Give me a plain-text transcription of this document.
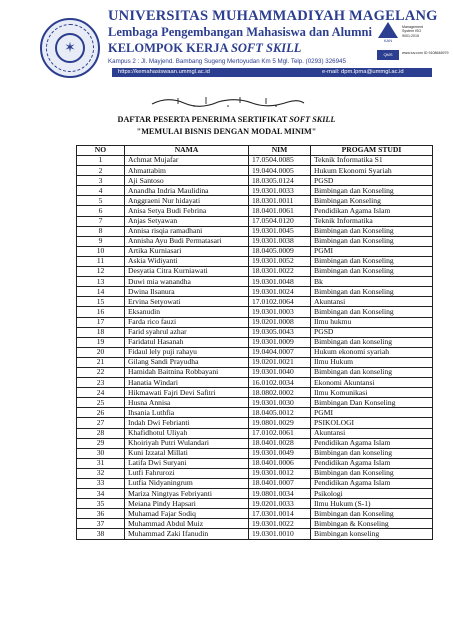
✶
UNIVERSITAS MUHAMMADIYAH MAGELANG
Lembaga Pengembangan Mahasiswa dan Alumni
KELOMPOK KERJA SOFT SKILL
Kampus 2 : Jl. Mayjend. Bambang Sugeng Mertoyudan Km 5 Mgl. Telp. (0293) 326945
https://kemahasiswaan.ummgl.ac.id	e-mail: dpm.lpma@ummgl.ac.id
KAN
Management System ISO 9001:2015
QMS	www.tuv.com ID 9108646979
DAFTAR PESERTA PENERIMA SERTIFIKAT SOFT SKILL
"MEMULAI BISNIS DENGAN MODAL MINIM"
NO	NAMA	NIM	PROGAM STUDI
1	Achmat Mujafar	17.0504.0085	Teknik Informatika S1
2	Ahmattabim	19.0404.0005	Hukum Ekonomi Syariah
3	Aji Santoso	18.0305.0124	PGSD
4	Anandha Indria Maulidina	19.0301.0033	Bimbingan dan Konseling
5	Anggraeni Nur hidayati	18.0301.0011	Bimbingan Konseling
6	Anisa Setya Budi Febrina	18.0401.0061	Pendidikan Agama Islam
7	Anjas Setyawan	17.0504.0120	Teknik Informatika
8	Annisa risqia ramadhani	19.0301.0045	Bimbingan dan Konseling
9	Annisha Ayu Budi Permatasari	19.0301.0038	Bimbingan dan Konseling
10	Artika Kurniasari	18.0405.0009	PGMI
11	Askia Widiyanti	19.0301.0052	Bimbingan dan Konseling
12	Desyatia Citra Kurniawati	18.0301.0022	Bimbingan dan Konseling
13	Duwi mia wanandha	19.0301.0048	Bk
14	Dwina Ilsanura	19.0301.0024	Bimbingan dan Konseling
15	Ervina Setyowati	17.0102.0064	Akuntansi
16	Eksanudin	19.0301.0003	Bimbingan dan Konseling
17	Farda rico fauzi	19.0201.0008	Ilmu hukmu
18	Farid syahrul azhar	19.0305.0043	PGSD
19	Faridatul Hasanah	19.0301.0009	Bimbingan dan konseling
20	Fidaul lely puji rahayu	19.0404.0007	Hukum ekonomi syariah
21	Gilang Sandi Prayudha	19.0201.0021	Ilmu Hukum
22	Hamidah Baitnina Robbayani	19.0301.0040	Bimbingan dan konseling
23	Hanatia Windari	16.0102.0034	Ekonomi Akuntansi
24	Hikmawati Fajri Devi Safitri	18.0802.0002	Ilmu Komunikasi
25	Husna Annisa	19.0301.0030	Bimbingan Dan Konseling
26	Ihsania Luthfia	18.0405.0012	PGMI
27	Indah Dwi Febrianti	19.0801.0029	PSIKOLOGI
28	Khafidhotul Uliyah	17.0102.0061	Akuntansi
29	Khoiriyah Putri Wulandari	18.0401.0028	Pendidikan Agama Islam
30	Kuni Izzatal Millati	19.0301.0049	Bimbingan dan konseling
31	Latifa Dwi Suryani	18.0401.0006	Pendidikan Agama Islam
32	Lutfi Fahrurozi	19.0301.0012	Bimbingan dan Konseling
33	Lutfia Nidyaningrum	18.0401.0007	Pendidikan Agama Islam
34	Mariza Ningtyas Febriyanti	19.0801.0034	Psikologi
35	Meiana Pindy Hapsari	19.0201.0033	Ilmu Hukum (S-1)
36	Muhamad Fajar Sodiq	17.0301.0014	Bimbingan dan Konseling
37	Muhammad Abdul Muiz	19.0301.0022	Bimbingan & Konseling
38	Muhammad Zaki Ifanudin	19.0301.0010	Bimbingan konseling
